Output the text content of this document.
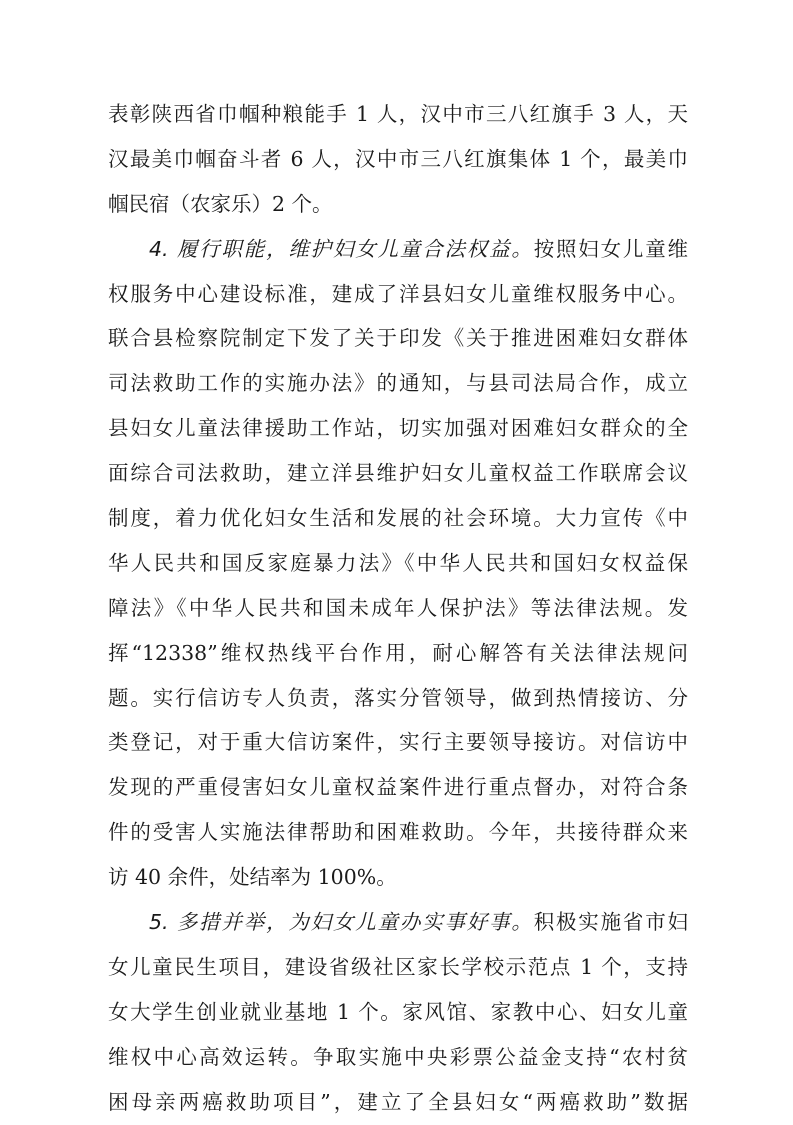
表彰陕西省巾帼种粮能手 1 人，汉中市三八红旗手 3 人，天
汉最美巾帼奋斗者 6 人，汉中市三八红旗集体 1 个，最美巾
帼民宿（农家乐）2 个。
4. 履行职能，维护妇女儿童合法权益。按照妇女儿童维
权服务中心建设标准，建成了洋县妇女儿童维权服务中心。
联合县检察院制定下发了关于印发《关于推进困难妇女群体
司法救助工作的实施办法》的通知，与县司法局合作，成立
县妇女儿童法律援助工作站，切实加强对困难妇女群众的全
面综合司法救助，建立洋县维护妇女儿童权益工作联席会议
制度，着力优化妇女生活和发展的社会环境。大力宣传《中
华人民共和国反家庭暴力法》《中华人民共和国妇女权益保
障法》《中华人民共和国未成年人保护法》等法律法规。发
挥“12338”维权热线平台作用，耐心解答有关法律法规问
题。实行信访专人负责，落实分管领导，做到热情接访、分
类登记，对于重大信访案件，实行主要领导接访。对信访中
发现的严重侵害妇女儿童权益案件进行重点督办，对符合条
件的受害人实施法律帮助和困难救助。今年，共接待群众来
访 40 余件，处结率为 100%。
5. 多措并举，为妇女儿童办实事好事。积极实施省市妇
女儿童民生项目，建设省级社区家长学校示范点 1 个，支持
女大学生创业就业基地 1 个。家风馆、家教中心、妇女儿童
维权中心高效运转。争取实施中央彩票公益金支持“农村贫
困母亲两癌救助项目”，建立了全县妇女“两癌救助”数据
